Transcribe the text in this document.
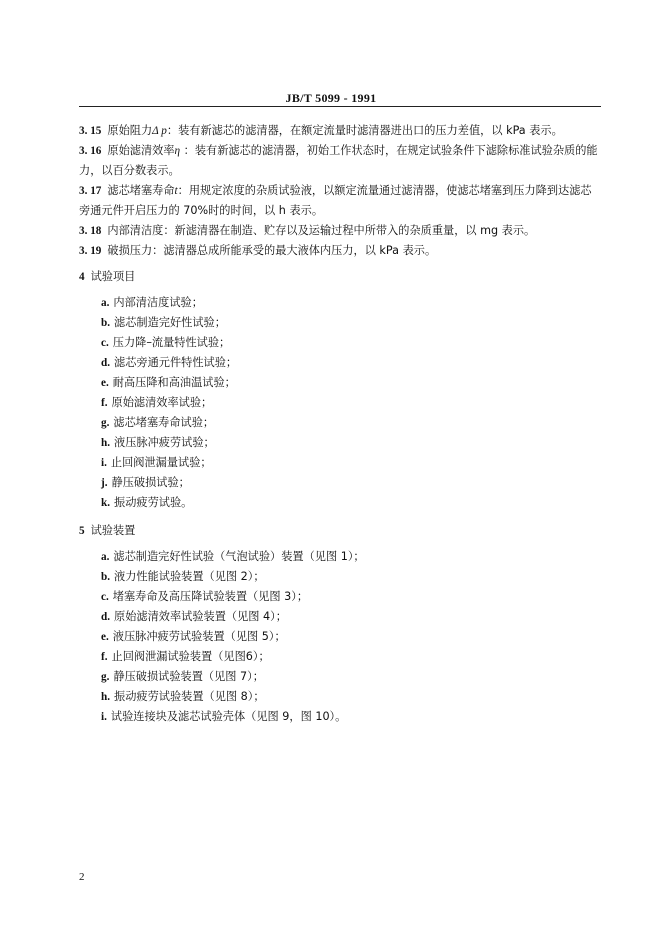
JB/T 5099 - 1991
3. 15 原始阻力Δ p：装有新滤芯的滤清器，在额定流量时滤清器进出口的压力差值，以 kPa 表示。
3. 16 原始滤清效率η ：装有新滤芯的滤清器，初始工作状态时，在规定试验条件下滤除标准试验杂质的能力，以百分数表示。
3. 17 滤芯堵塞寿命t：用规定浓度的杂质试验液，以额定流量通过滤清器，使滤芯堵塞到压力降到达滤芯旁通元件开启压力的 70%时的时间，以 h 表示。
3. 18 内部清洁度：新滤清器在制造、贮存以及运输过程中所带入的杂质重量，以 mg 表示。
3. 19 破损压力：滤清器总成所能承受的最大液体内压力，以 kPa 表示。
4 试验项目
a. 内部清洁度试验；
b. 滤芯制造完好性试验；
c. 压力降–流量特性试验；
d. 滤芯旁通元件特性试验；
e. 耐高压降和高油温试验；
f. 原始滤清效率试验；
g. 滤芯堵塞寿命试验；
h. 液压脉冲疲劳试验；
i. 止回阀泄漏量试验；
j. 静压破损试验；
k. 振动疲劳试验。
5 试验装置
a. 滤芯制造完好性试验（气泡试验）装置（见图 1）；
b. 液力性能试验装置（见图 2）；
c. 堵塞寿命及高压降试验装置（见图 3）；
d. 原始滤清效率试验装置（见图 4）；
e. 液压脉冲疲劳试验装置（见图 5）；
f. 止回阀泄漏试验装置（见图6）；
g. 静压破损试验装置（见图 7）；
h. 振动疲劳试验装置（见图 8）；
i. 试验连接块及滤芯试验壳体（见图 9，图 10）。
2
